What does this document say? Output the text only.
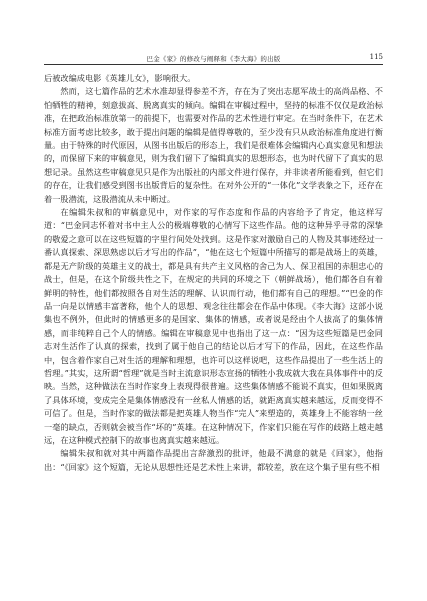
巴金《家》的修改与阐释和《李大海》的出版	115

后被改编成电影《英雄儿女》，影响很大。

然而，这七篇作品的艺术水准却显得参差不齐，存在为了突出志愿军战士的高尚品格、不怕牺牲的精神，刻意拔高、脱离真实的倾向。编辑在审稿过程中，坚持的标准不仅仅是政治标准，在把政治标准放第一的前提下，也需要对作品的艺术性进行审定。在当时条件下，在艺术标准方面考虑比较多，敢于提出问题的编辑是值得尊敬的，至少没有只从政治标准角度进行衡量。由于特殊的时代原因，从图书出版后的形态上，我们是很难体会编辑内心真实意见和想法的，而保留下来的审稿意见，则为我们留下了编辑真实的思想形态，也为时代留下了真实的思想记录。虽然这些审稿意见只是作为出版社的内部文件进行保存，并非读者所能看到，但它们的存在，让我们感受到图书出版背后的复杂性。在对外公开的“一体化”文学表象之下，还存在着一股潜流，这股潜流从未中断过。

在编辑朱叔和的审稿意见中，对作家的写作态度和作品的内容给予了肯定，他这样写道：“巴金同志怀着对书中主人公的极端尊敬的心情写下这些作品。他的这种异乎寻常的深挚的敬爱之意可以在这些短篇的字里行间处处找到。这是作家对激励自己的人物及其事迹经过一番认真探索、深思熟虑以后才写出的作品”，“他在这七个短篇中所描写的都是战场上的英雄，都是无产阶级的英雄主义的战士，都是具有共产主义风格的舍己为人、保卫祖国的赤胆忠心的战士，但是，在这个阶级共性之下，在规定的共同的环境之下（朝鲜战场），他们都各自有着鲜明的特性，他们都按照各自对生活的理解、认识而行动，他们都有自己的理想。”“巴金的作品一向是以情感丰富著称，他个人的思想、观念往往都会在作品中体现。《李大海》这部小说集也不例外，但此时的情感更多的是国家、集体的情感，或者说是经由个人拔高了的集体情感，而非纯粹自己个人的情感。编辑在审稿意见中也指出了这一点：“因为这些短篇是巴金同志对生活作了认真的探索，找到了属于他自己的结论以后才写下的作品，因此，在这些作品中，包含着作家自己对生活的理解和理想，也许可以这样说吧，这些作品提出了一些生活上的哲理。”其实，这所谓“哲理”就是当时主流意识形态宣扬的牺牲小我成就大我在具体事件中的反映。当然，这种做法在当时作家身上表现得很普遍。这些集体情感不能说不真实，但如果脱离了具体环境，变成完全是集体情感没有一丝私人情感的话，就距离真实越来越远，反而变得不可信了。但是，当时作家的做法都是把英雄人物当作“完人”来塑造的，英雄身上不能容纳一丝一毫的缺点，否则就会被当作“坏的”英雄。在这种情况下，作家们只能在写作的歧路上越走越远，在这种模式控制下的故事也离真实越来越远。

编辑朱叔和就对其中两篇作品提出言辞激烈的批评，他最不满意的就是《回家》，他指出：“《回家》这个短篇，无论从思想性还是艺术性上来讲，都较差，放在这个集子里有些不相
